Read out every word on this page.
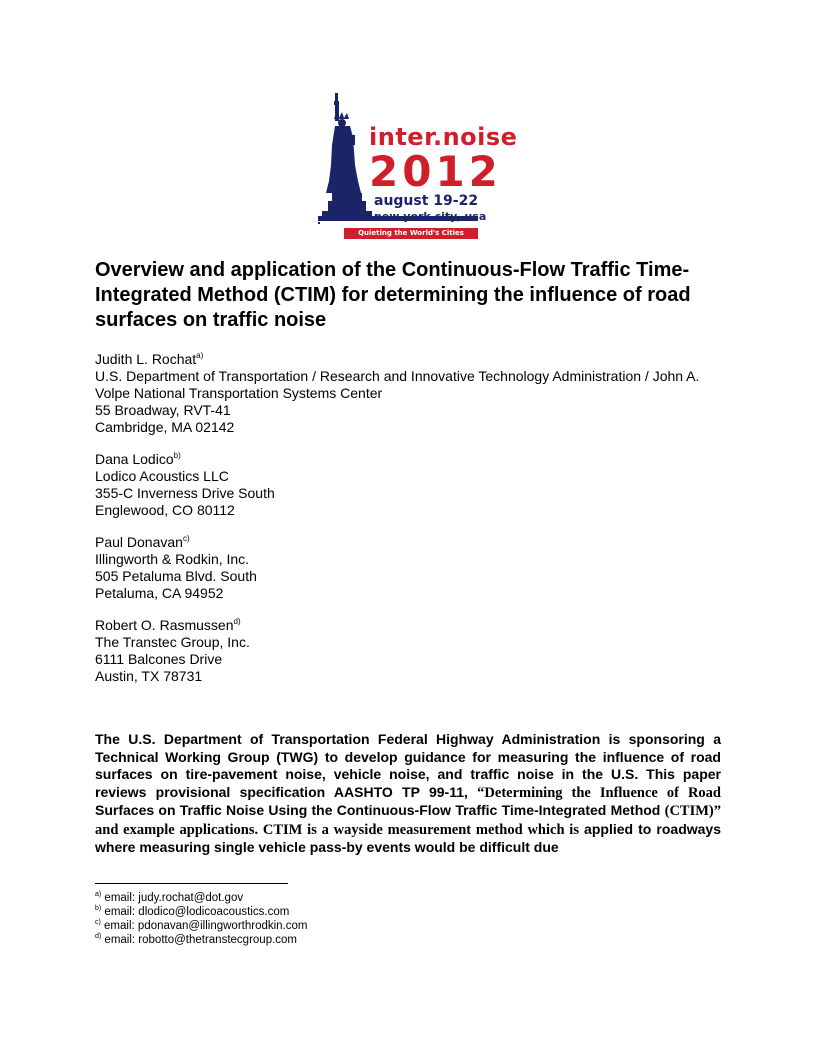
inter.noise
2012
august 19-22
new york city, usa
Quieting the World's Cities
Overview and application of the Continuous-Flow Traffic Time-Integrated Method (CTIM) for determining the influence of road surfaces on traffic noise
Judith L. Rochat$^{a)}$
U.S. Department of Transportation / Research and Innovative Technology Administration / John A.
Volpe National Transportation Systems Center
55 Broadway, RVT-41
Cambridge, MA 02142
Dana Lodico$^{b)}$
Lodico Acoustics LLC
355-C Inverness Drive South
Englewood, CO 80112
Paul Donavan$^{c)}$
Illingworth & Rodkin, Inc.
505 Petaluma Blvd. South
Petaluma, CA 94952
Robert O. Rasmussen$^{d)}$
The Transtec Group, Inc.
6111 Balcones Drive
Austin, TX 78731

The U.S. Department of Transportation Federal Highway Administration is sponsoring a Technical Working Group (TWG) to develop guidance for measuring the influence of road surfaces on tire-pavement noise, vehicle noise, and traffic noise in the U.S. This paper reviews provisional specification AASHTO TP 99-11, “Determining the Influence of Road Surfaces on Traffic Noise Using the Continuous-Flow Traffic Time-Integrated Method (CTIM)” and example applications. CTIM is a wayside measurement method which is applied to roadways where measuring single vehicle pass-by events would be difficult due

$^{a)}$ email: judy.rochat@dot.gov
$^{b)}$ email: dlodico@lodicoacoustics.com
$^{c)}$ email: pdonavan@illingworthrodkin.com
$^{d)}$ email: robotto@thetranstecgroup.com
